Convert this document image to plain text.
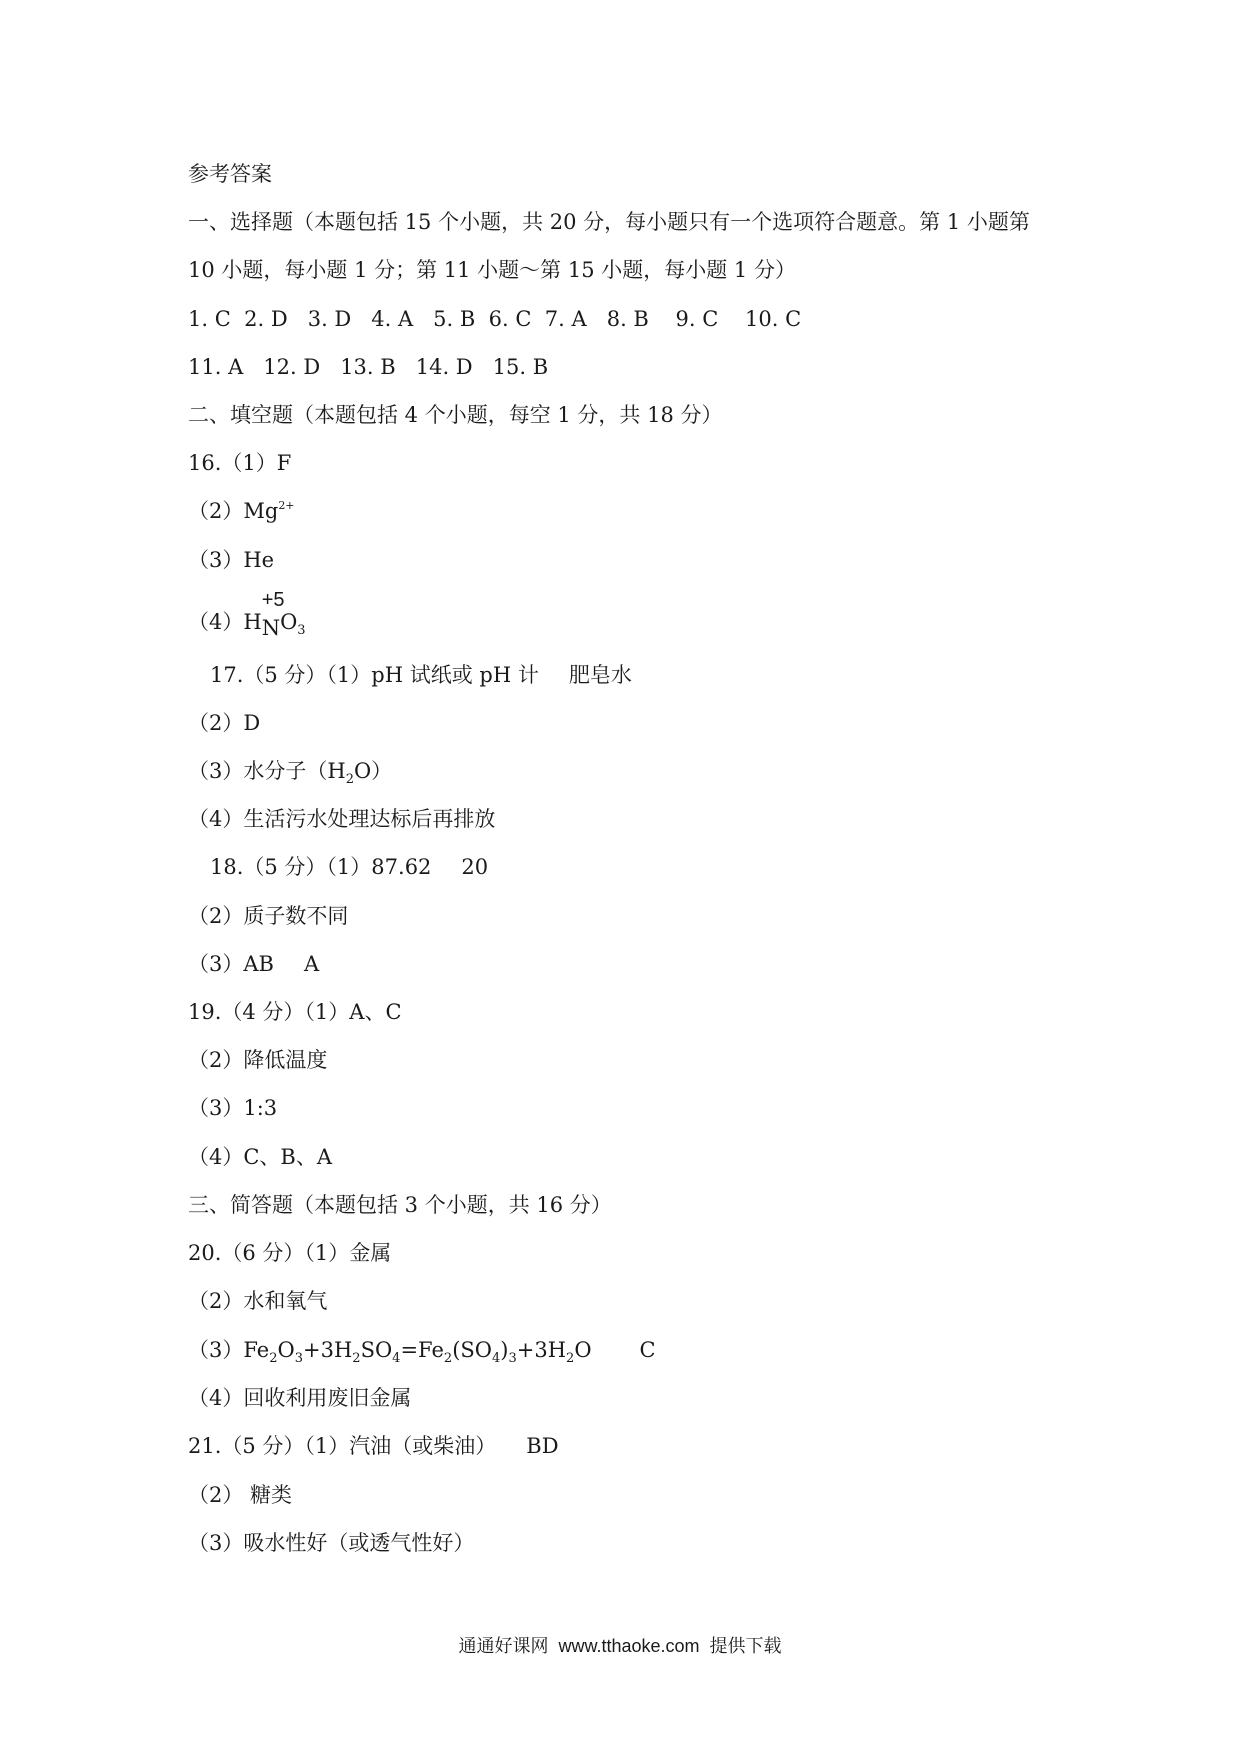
参考答案
一、选择题（本题包括 15 个小题，共 20 分，每小题只有一个选项符合题意。第 1 小题第
10 小题，每小题 1 分；第 11 小题～第 15 小题，每小题 1 分）
1. C  2. D   3. D   4. A   5. B  6. C  7. A   8. B    9. C    10. C
11. A   12. D   13. B   14. D   15. B
二、填空题（本题包括 4 个小题，每空 1 分，共 18 分）
16.（1）F
$(2)Mg^{2+}$
（3）He
（4）H
+5
$NO_3$
17.（5 分）（1）pH 试纸或 pH 计 肥皂水
（2）D
（3）水分子$(H_2O)$
（4）生活污水处理达标后再排放
18.（5 分）（1）87.62 20
（2）质子数不同
（3）AB A
19.（4 分）（1）A、C
（2）降低温度
（3）1:3
（4）C、B、A
三、简答题（本题包括 3 个小题，共 16 分）
20.（6 分）（1）金属
（2）水和氧气
$(3)Fe_2O_3+3H_2SO_4=Fe_2(SO_4)_3+3H_2O$ C
（4）回收利用废旧金属
21.（5 分）（1）汽油（或柴油） BD
（2） 糖类
（3）吸水性好（或透气性好）
通通好课网  www.tthaoke.com  提供下载
